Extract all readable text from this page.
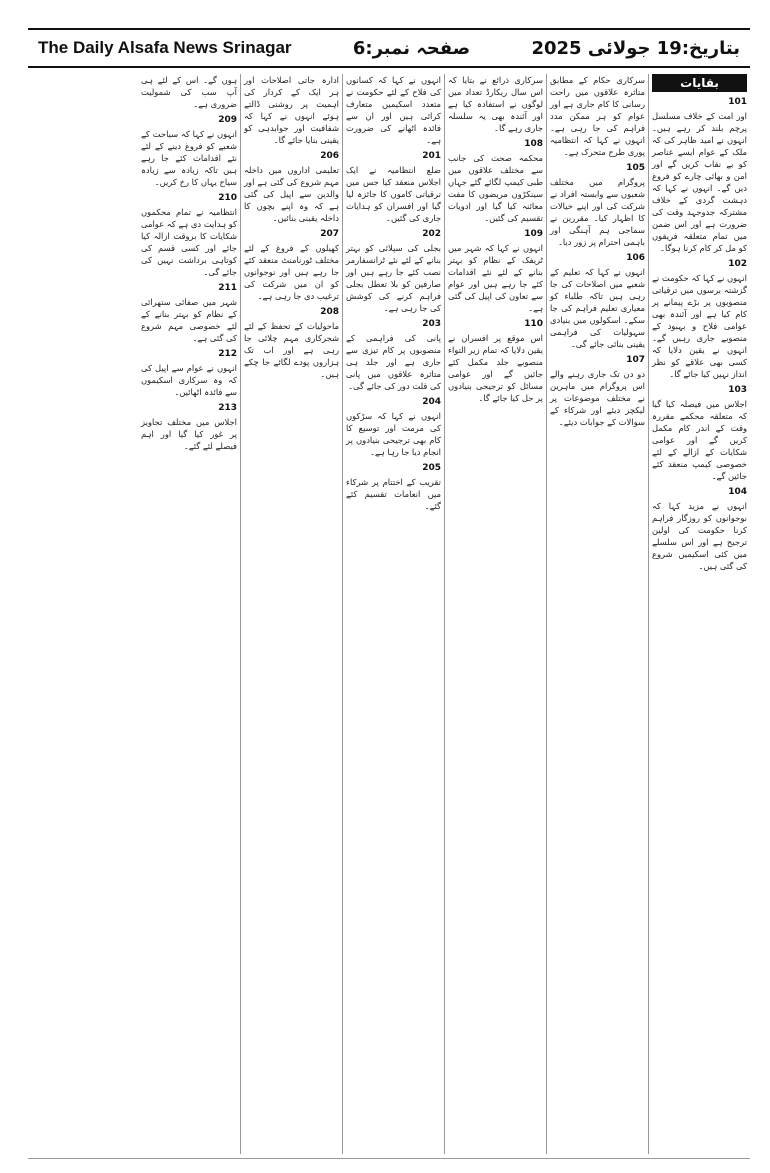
The Daily Alsafa News Srinagar	صفحہ نمبر:6	بتاریخ:19 جولائی 2025
بقایات
101

اور امت کے خلاف مسلسل پرچم بلند کر رہے ہیں۔ انہوں نے امید ظاہر کی کہ ملک کے عوام ایسے عناصر کو بے نقاب کریں گے اور امن و بھائی چارے کو فروغ دیں گے۔ انہوں نے کہا کہ دہشت گردی کے خلاف مشترکہ جدوجہد وقت کی ضرورت ہے اور اس ضمن میں تمام متعلقہ فریقوں کو مل کر کام کرنا ہوگا۔

102

انہوں نے کہا کہ حکومت نے گزشتہ برسوں میں ترقیاتی منصوبوں پر بڑے پیمانے پر کام کیا ہے اور آئندہ بھی عوامی فلاح و بہبود کے منصوبے جاری رہیں گے۔ انہوں نے یقین دلایا کہ کسی بھی علاقے کو نظر انداز نہیں کیا جائے گا۔

103

اجلاس میں فیصلہ کیا گیا کہ متعلقہ محکمے مقررہ وقت کے اندر کام مکمل کریں گے اور عوامی شکایات کے ازالے کے لئے خصوصی کیمپ منعقد کئے جائیں گے۔

104

انہوں نے مزید کہا کہ نوجوانوں کو روزگار فراہم کرنا حکومت کی اولین ترجیح ہے اور اس سلسلے میں کئی اسکیمیں شروع کی گئی ہیں۔

سرکاری حکام کے مطابق متاثرہ علاقوں میں راحت رسانی کا کام جاری ہے اور عوام کو ہر ممکن مدد فراہم کی جا رہی ہے۔ انہوں نے کہا کہ انتظامیہ پوری طرح متحرک ہے۔

105

پروگرام میں مختلف شعبوں سے وابستہ افراد نے شرکت کی اور اپنے خیالات کا اظہار کیا۔ مقررین نے سماجی ہم آہنگی اور باہمی احترام پر زور دیا۔

106

انہوں نے کہا کہ تعلیم کے شعبے میں اصلاحات کی جا رہی ہیں تاکہ طلباء کو معیاری تعلیم فراہم کی جا سکے۔ اسکولوں میں بنیادی سہولیات کی فراہمی یقینی بنائی جائے گی۔

107

دو دن تک جاری رہنے والے اس پروگرام میں ماہرین نے مختلف موضوعات پر لیکچر دیئے اور شرکاء کے سوالات کے جوابات دیئے۔

سرکاری ذرائع نے بتایا کہ اس سال ریکارڈ تعداد میں لوگوں نے استفادہ کیا ہے اور آئندہ بھی یہ سلسلہ جاری رہے گا۔

108

محکمہ صحت کی جانب سے مختلف علاقوں میں طبی کیمپ لگائے گئے جہاں سینکڑوں مریضوں کا مفت معائنہ کیا گیا اور ادویات تقسیم کی گئیں۔

109

انہوں نے کہا کہ شہر میں ٹریفک کے نظام کو بہتر بنانے کے لئے نئے اقدامات کئے جا رہے ہیں اور عوام سے تعاون کی اپیل کی گئی ہے۔

110

اس موقع پر افسران نے یقین دلایا کہ تمام زیر التواء منصوبے جلد مکمل کئے جائیں گے اور عوامی مسائل کو ترجیحی بنیادوں پر حل کیا جائے گا۔

انہوں نے کہا کہ کسانوں کی فلاح کے لئے حکومت نے متعدد اسکیمیں متعارف کرائی ہیں اور ان سے فائدہ اٹھانے کی ضرورت ہے۔

201

ضلع انتظامیہ نے ایک اجلاس منعقد کیا جس میں ترقیاتی کاموں کا جائزہ لیا گیا اور افسران کو ہدایات جاری کی گئیں۔

202

بجلی کی سپلائی کو بہتر بنانے کے لئے نئے ٹرانسفارمر نصب کئے جا رہے ہیں اور صارفین کو بلا تعطل بجلی فراہم کرنے کی کوشش کی جا رہی ہے۔

203

پانی کی فراہمی کے منصوبوں پر کام تیزی سے جاری ہے اور جلد ہی متاثرہ علاقوں میں پانی کی قلت دور کی جائے گی۔

204

انہوں نے کہا کہ سڑکوں کی مرمت اور توسیع کا کام بھی ترجیحی بنیادوں پر انجام دیا جا رہا ہے۔

205

تقریب کے اختتام پر شرکاء میں انعامات تقسیم کئے گئے۔

ادارہ جاتی اصلاحات اور ہر ایک کے کردار کی اہمیت پر روشنی ڈالتے ہوئے انہوں نے کہا کہ شفافیت اور جوابدہی کو یقینی بنایا جائے گا۔

206

تعلیمی اداروں میں داخلہ مہم شروع کی گئی ہے اور والدین سے اپیل کی گئی ہے کہ وہ اپنے بچوں کا داخلہ یقینی بنائیں۔

207

کھیلوں کے فروغ کے لئے مختلف ٹورنامنٹ منعقد کئے جا رہے ہیں اور نوجوانوں کو ان میں شرکت کی ترغیب دی جا رہی ہے۔

208

ماحولیات کے تحفظ کے لئے شجرکاری مہم چلائی جا رہی ہے اور اب تک ہزاروں پودے لگائے جا چکے ہیں۔

ہوں گے۔ اس کے لئے ہی آپ سب کی شمولیت ضروری ہے۔

209

انہوں نے کہا کہ سیاحت کے شعبے کو فروغ دینے کے لئے نئے اقدامات کئے جا رہے ہیں تاکہ زیادہ سے زیادہ سیاح یہاں کا رخ کریں۔

210

انتظامیہ نے تمام محکموں کو ہدایت دی ہے کہ عوامی شکایات کا بروقت ازالہ کیا جائے اور کسی قسم کی کوتاہی برداشت نہیں کی جائے گی۔

211

شہر میں صفائی ستھرائی کے نظام کو بہتر بنانے کے لئے خصوصی مہم شروع کی گئی ہے۔

212

انہوں نے عوام سے اپیل کی کہ وہ سرکاری اسکیموں سے فائدہ اٹھائیں۔

213

اجلاس میں مختلف تجاویز پر غور کیا گیا اور اہم فیصلے لئے گئے۔
